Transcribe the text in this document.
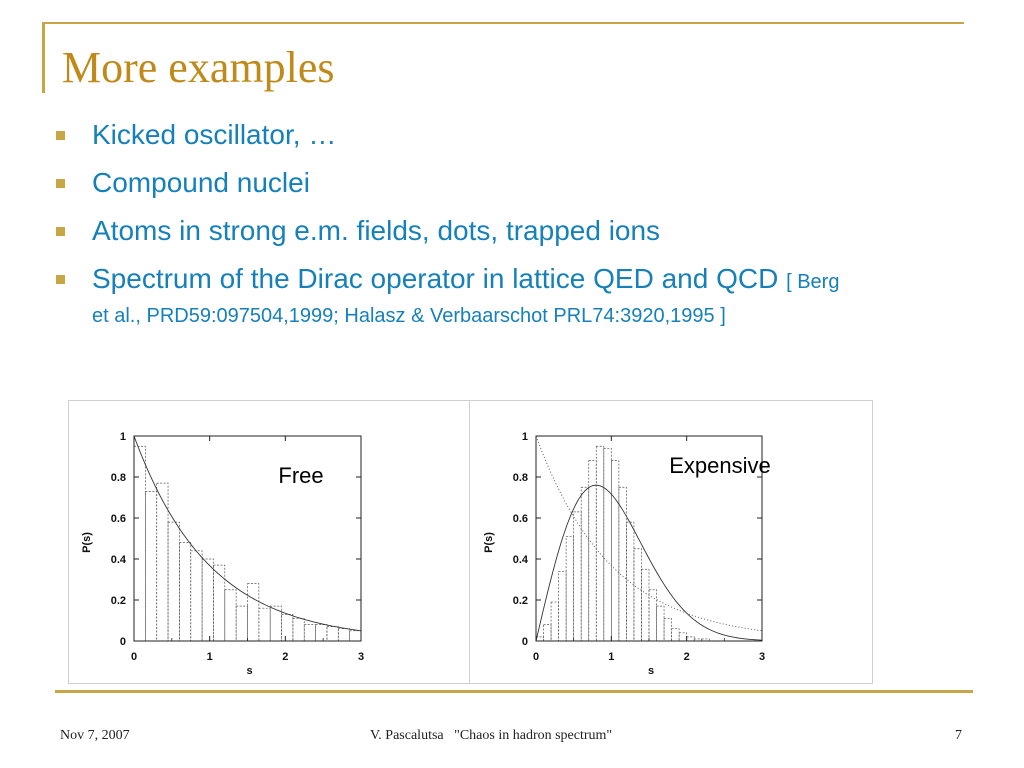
More examples
Kicked oscillator, …
Compound nuclei
Atoms in strong e.m. fields, dots, trapped ions
Spectrum of the Dirac operator in lattice QED and QCD [ Berg et al., PRD59:097504,1999; Halasz & Verbaarschot PRL74:3920,1995 ]
0	1	2	3
0
0.2
0.4
0.6
0.8
1
s
P(s)
Free
0	1	2	3
0
0.2
0.4
0.6
0.8
1
s
P(s)
Expensive
Nov 7, 2007	V. Pascalutsa   "Chaos in hadron spectrum"	7
